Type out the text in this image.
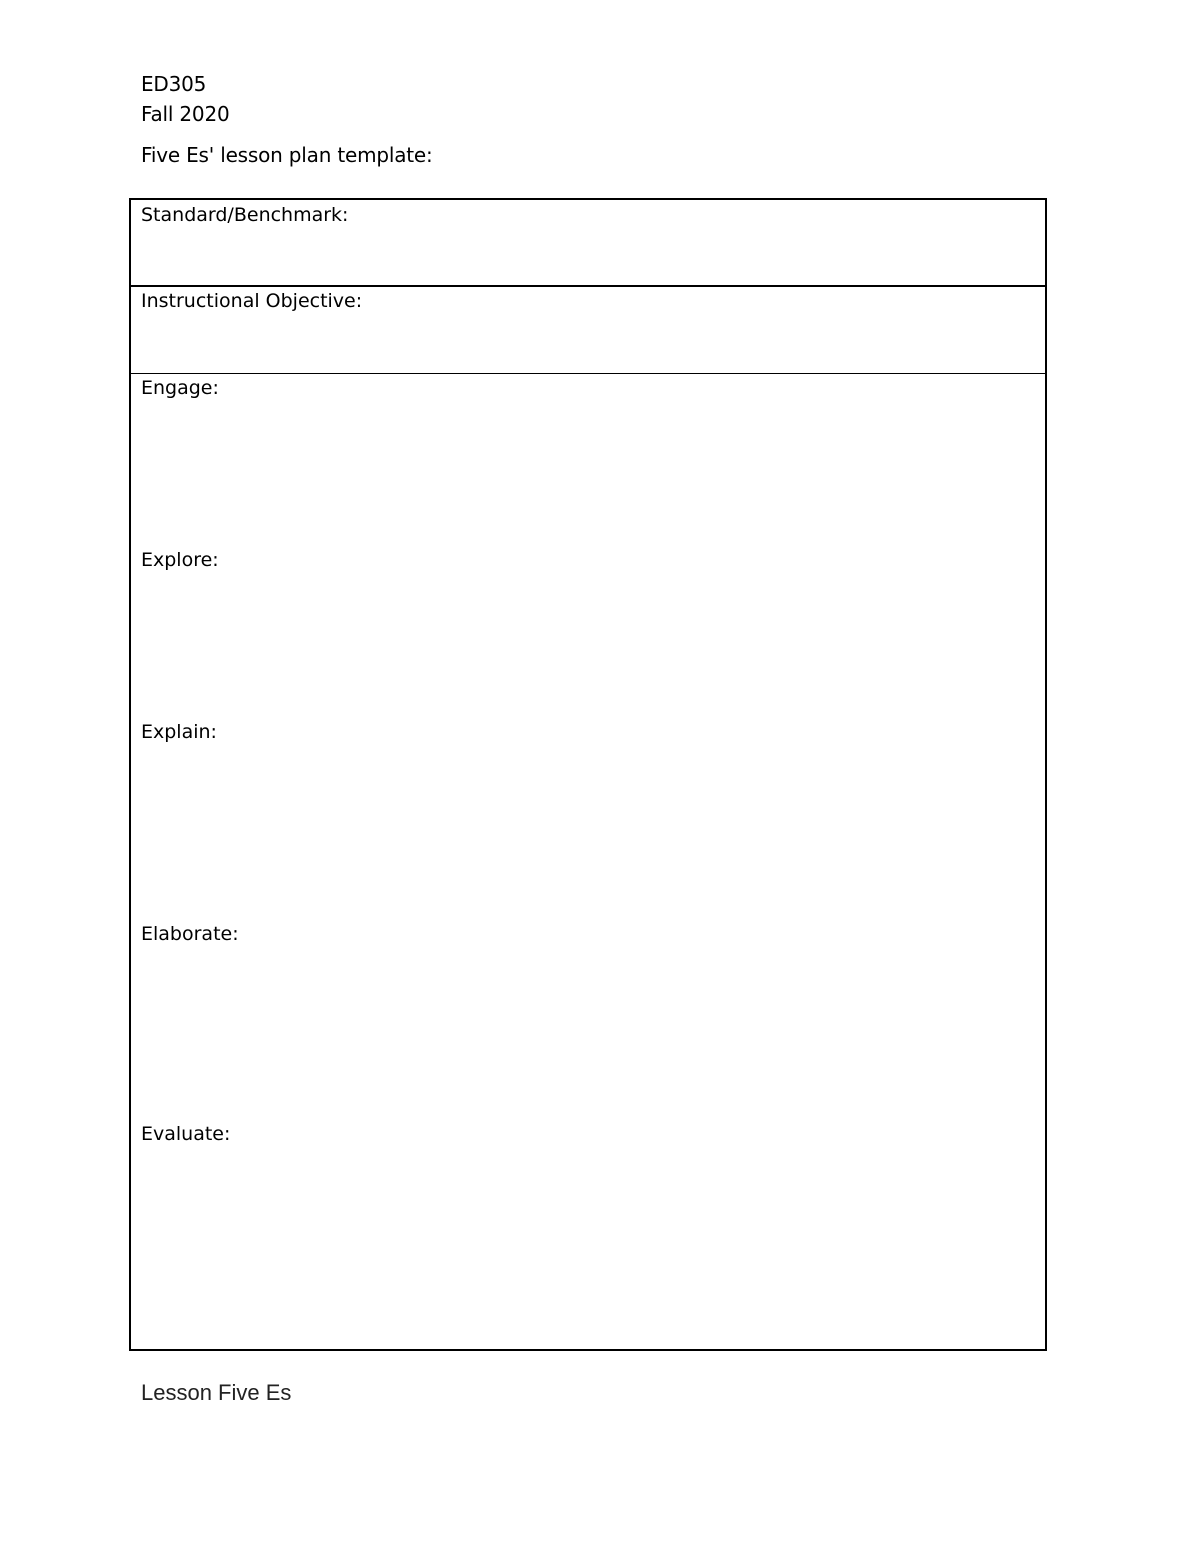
ED305
Fall 2020
Five Es' lesson plan template:
Standard/Benchmark:
Instructional Objective:
Engage:
Explore:
Explain:
Elaborate:
Evaluate:
Lesson Five Es
